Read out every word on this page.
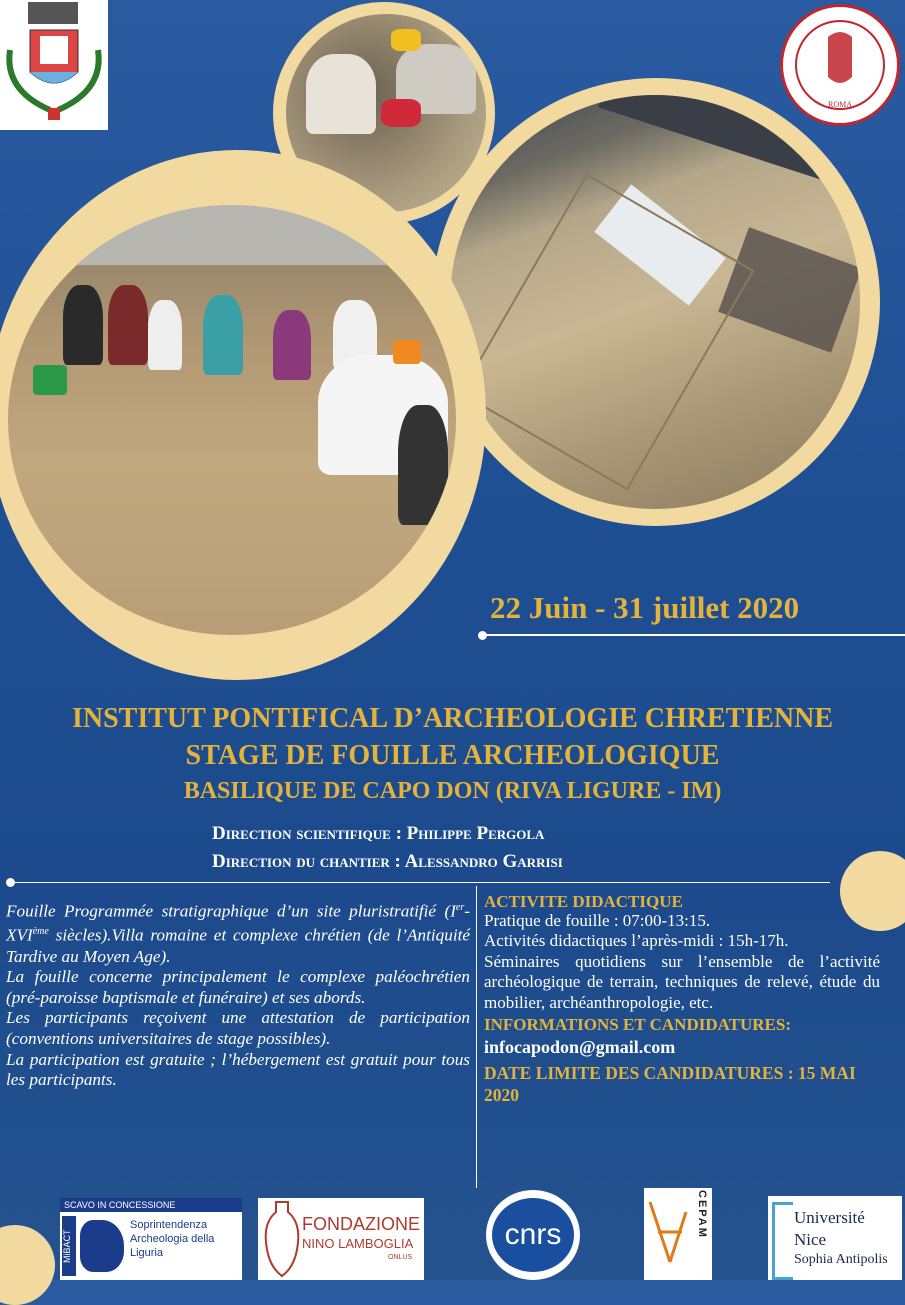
ROMA
22 Juin - 31 juillet 2020
INSTITUT PONTIFICAL D’ARCHEOLOGIE CHRETIENNE
STAGE DE FOUILLE ARCHEOLOGIQUE
BASILIQUE DE CAPO DON (RIVA LIGURE - IM)
Direction scientifique : Philippe Pergola
Direction du chantier : Alessandro Garrisi

Fouille Programmée stratigraphique d’un site pluristratifié (Ier-XVIème siècles).Villa romaine et complexe chrétien (de l’Antiquité Tardive au Moyen Age).

La fouille concerne principalement le complexe paléochrétien (pré-paroisse baptismale et funéraire) et ses abords.

Les participants reçoivent une attestation de participation (conventions universitaires de stage possibles).

La participation est gratuite ; l’hébergement est gratuit pour tous les participants.

ACTIVITE DIDACTIQUE
Pratique de fouille : 07:00-13:15.
Activités didactiques l’après-midi : 15h-17h.
Séminaires quotidiens sur l’ensemble de l’activité archéologique de terrain, techniques de relevé, étude du mobilier, archéanthropologie, etc.
INFORMATIONS ET CANDIDATURES:
infocapodon@gmail.com
DATE LIMITE DES CANDIDATURES : 15 MAI 2020
SCAVO IN CONCESSIONE
MiBACT
Soprintendenza Archeologia della Liguria
FONDAZIONE
NINO LAMBOGLIA
ONLUS
cnrs	CEPAM	Université
Nice
Sophia Antipolis
